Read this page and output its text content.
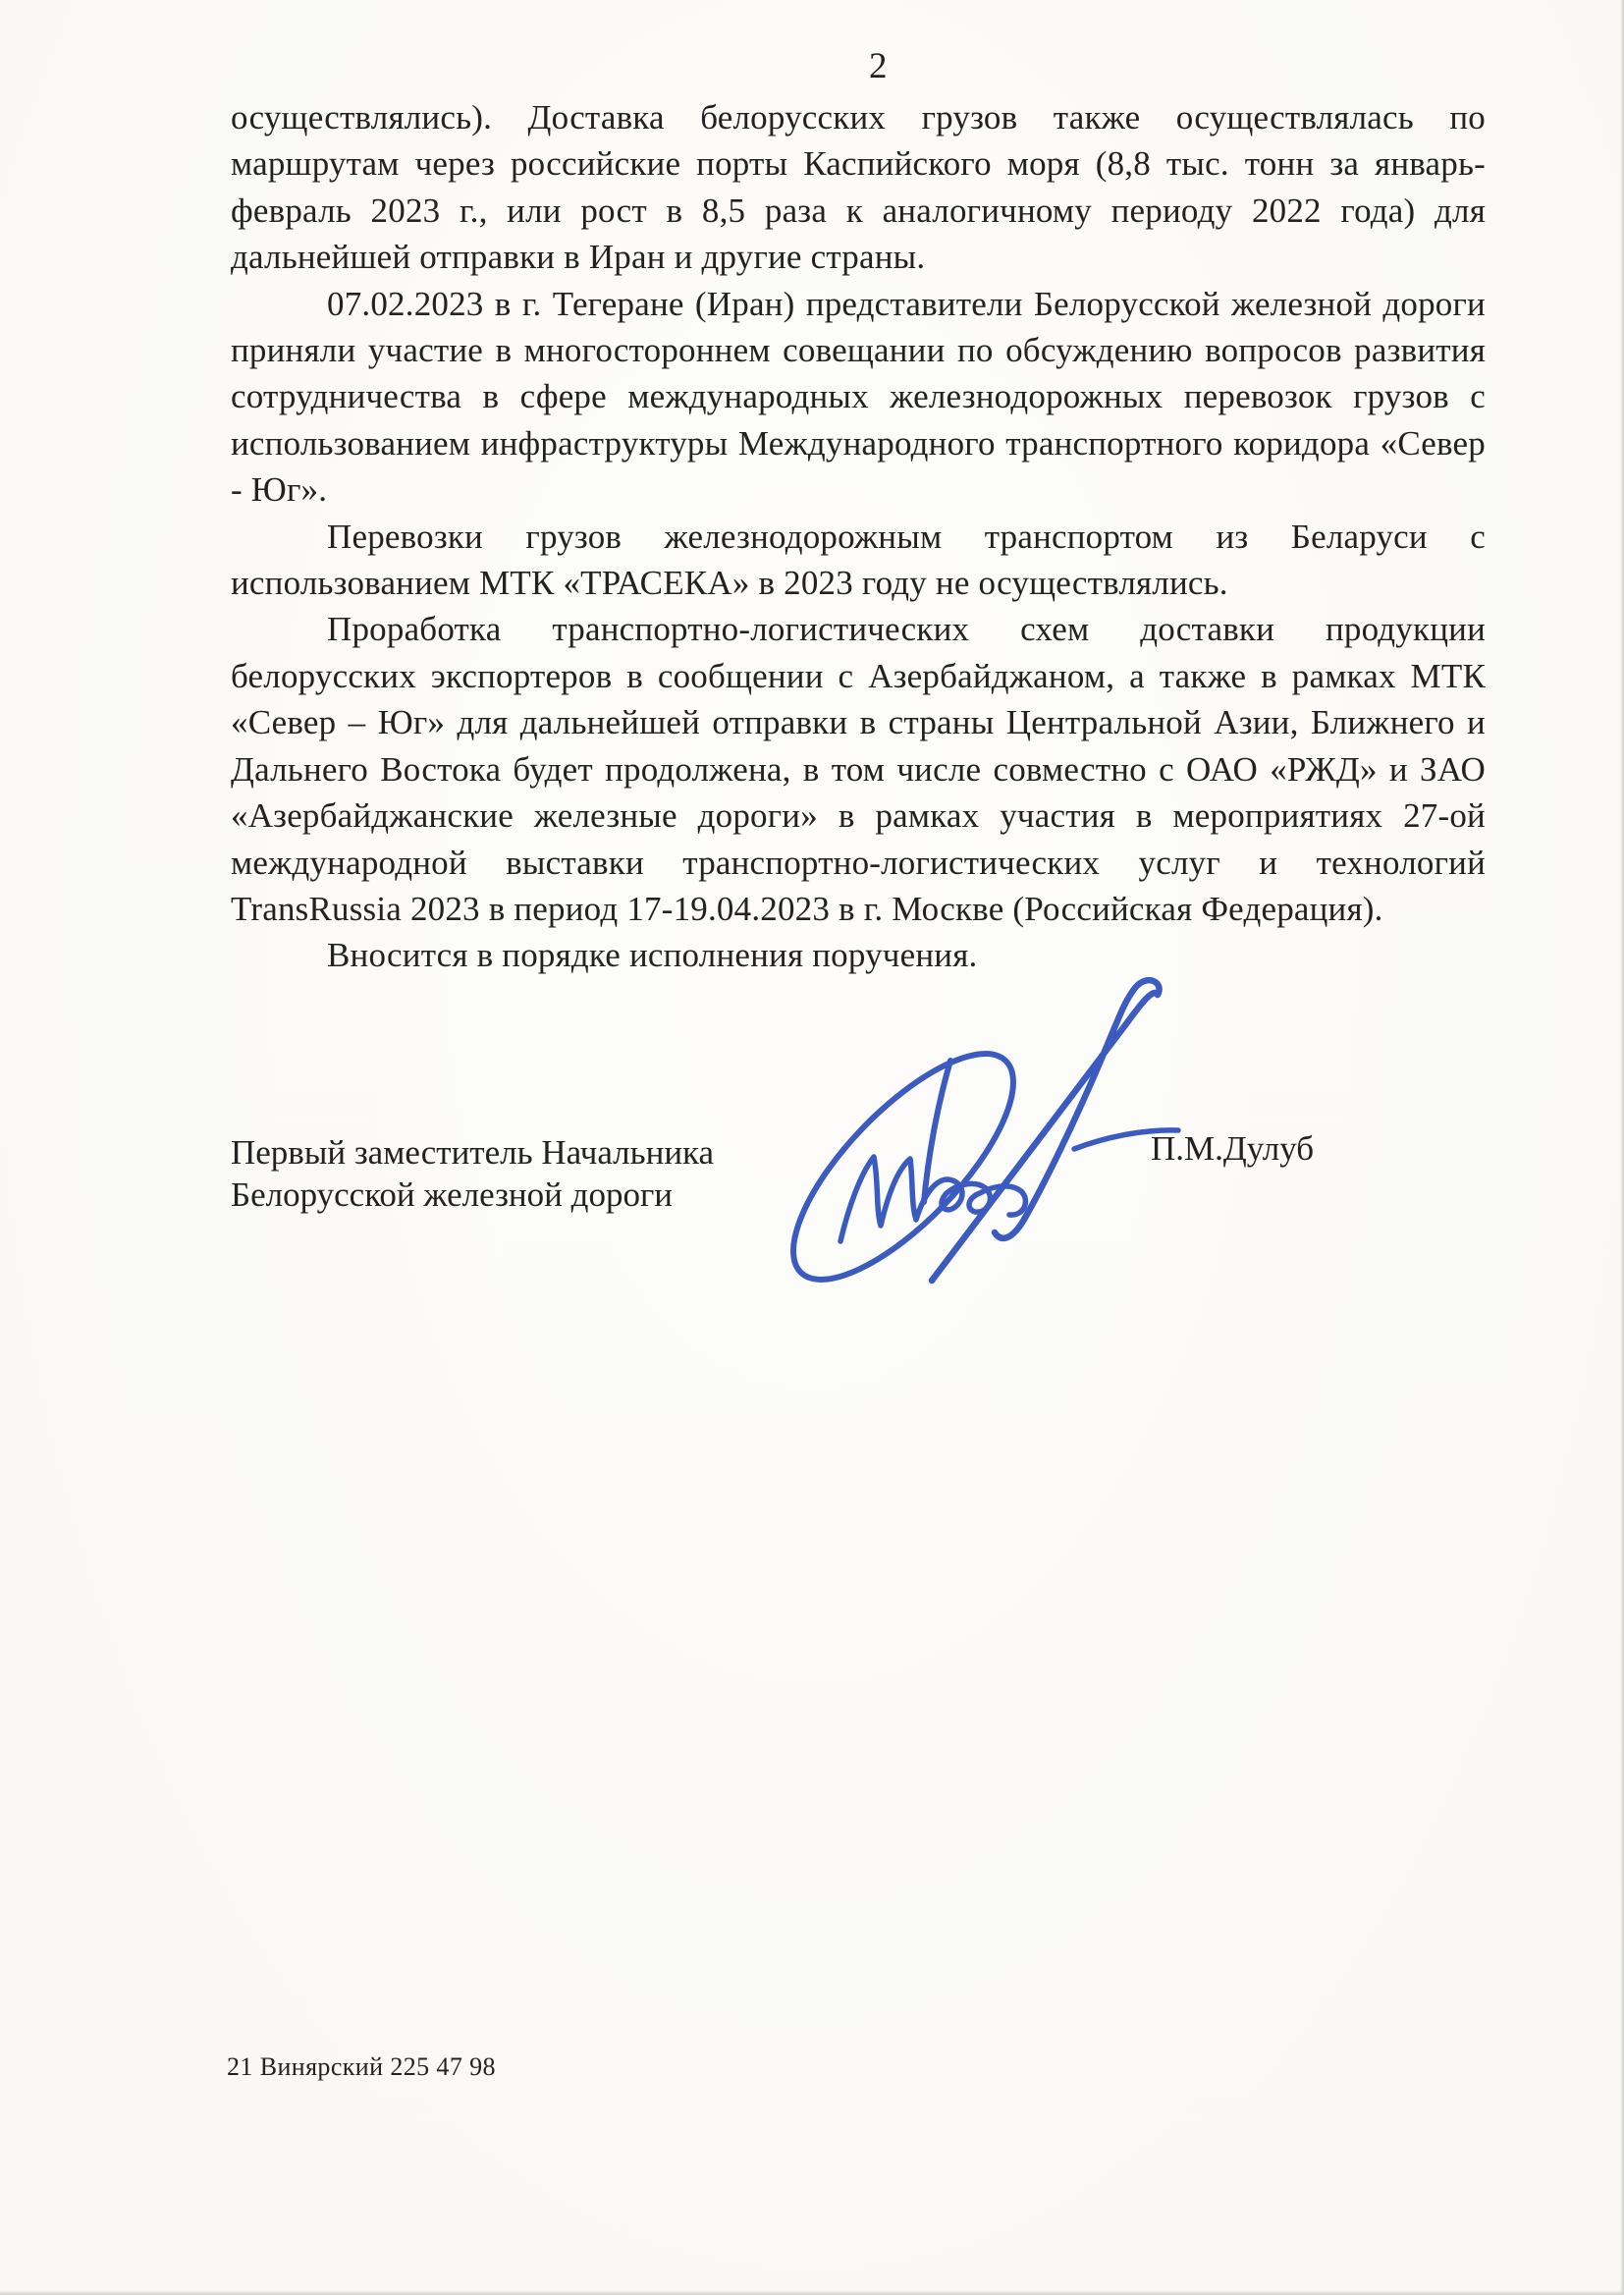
2

осуществлялись). Доставка белорусских грузов также осуществлялась по маршрутам через российские порты Каспийского моря (8,8 тыс. тонн за январь-февраль 2023 г., или рост в 8,5 раза к аналогичному периоду 2022 года) для дальнейшей отправки в Иран и другие страны.

07.02.2023 в г. Тегеране (Иран) представители Белорусской железной дороги приняли участие в многостороннем совещании по обсуждению вопросов развития сотрудничества в сфере международных железнодорожных перевозок грузов с использованием инфраструктуры Международного транспортного коридора «Север - Юг».

Перевозки грузов железнодорожным транспортом из Беларуси с использованием МТК «ТРАСЕКА» в 2023 году не осуществлялись.

Проработка транспортно-логистических схем доставки продукции белорусских экспортеров в сообщении с Азербайджаном, а также в рамках МТК «Север – Юг» для дальнейшей отправки в страны Центральной Азии, Ближнего и Дальнего Востока будет продолжена, в том числе совместно с ОАО «РЖД» и ЗАО «Азербайджанские железные дороги» в рамках участия в мероприятиях 27-ой международной выставки транспортно-логистических услуг и технологий TransRussia 2023 в период 17-19.04.2023 в г. Москве (Российская Федерация).

Вносится в порядке исполнения поручения.

Первый заместитель Начальника
Белорусской железной дороги
П.М.Дулуб
21 Винярский 225 47 98
